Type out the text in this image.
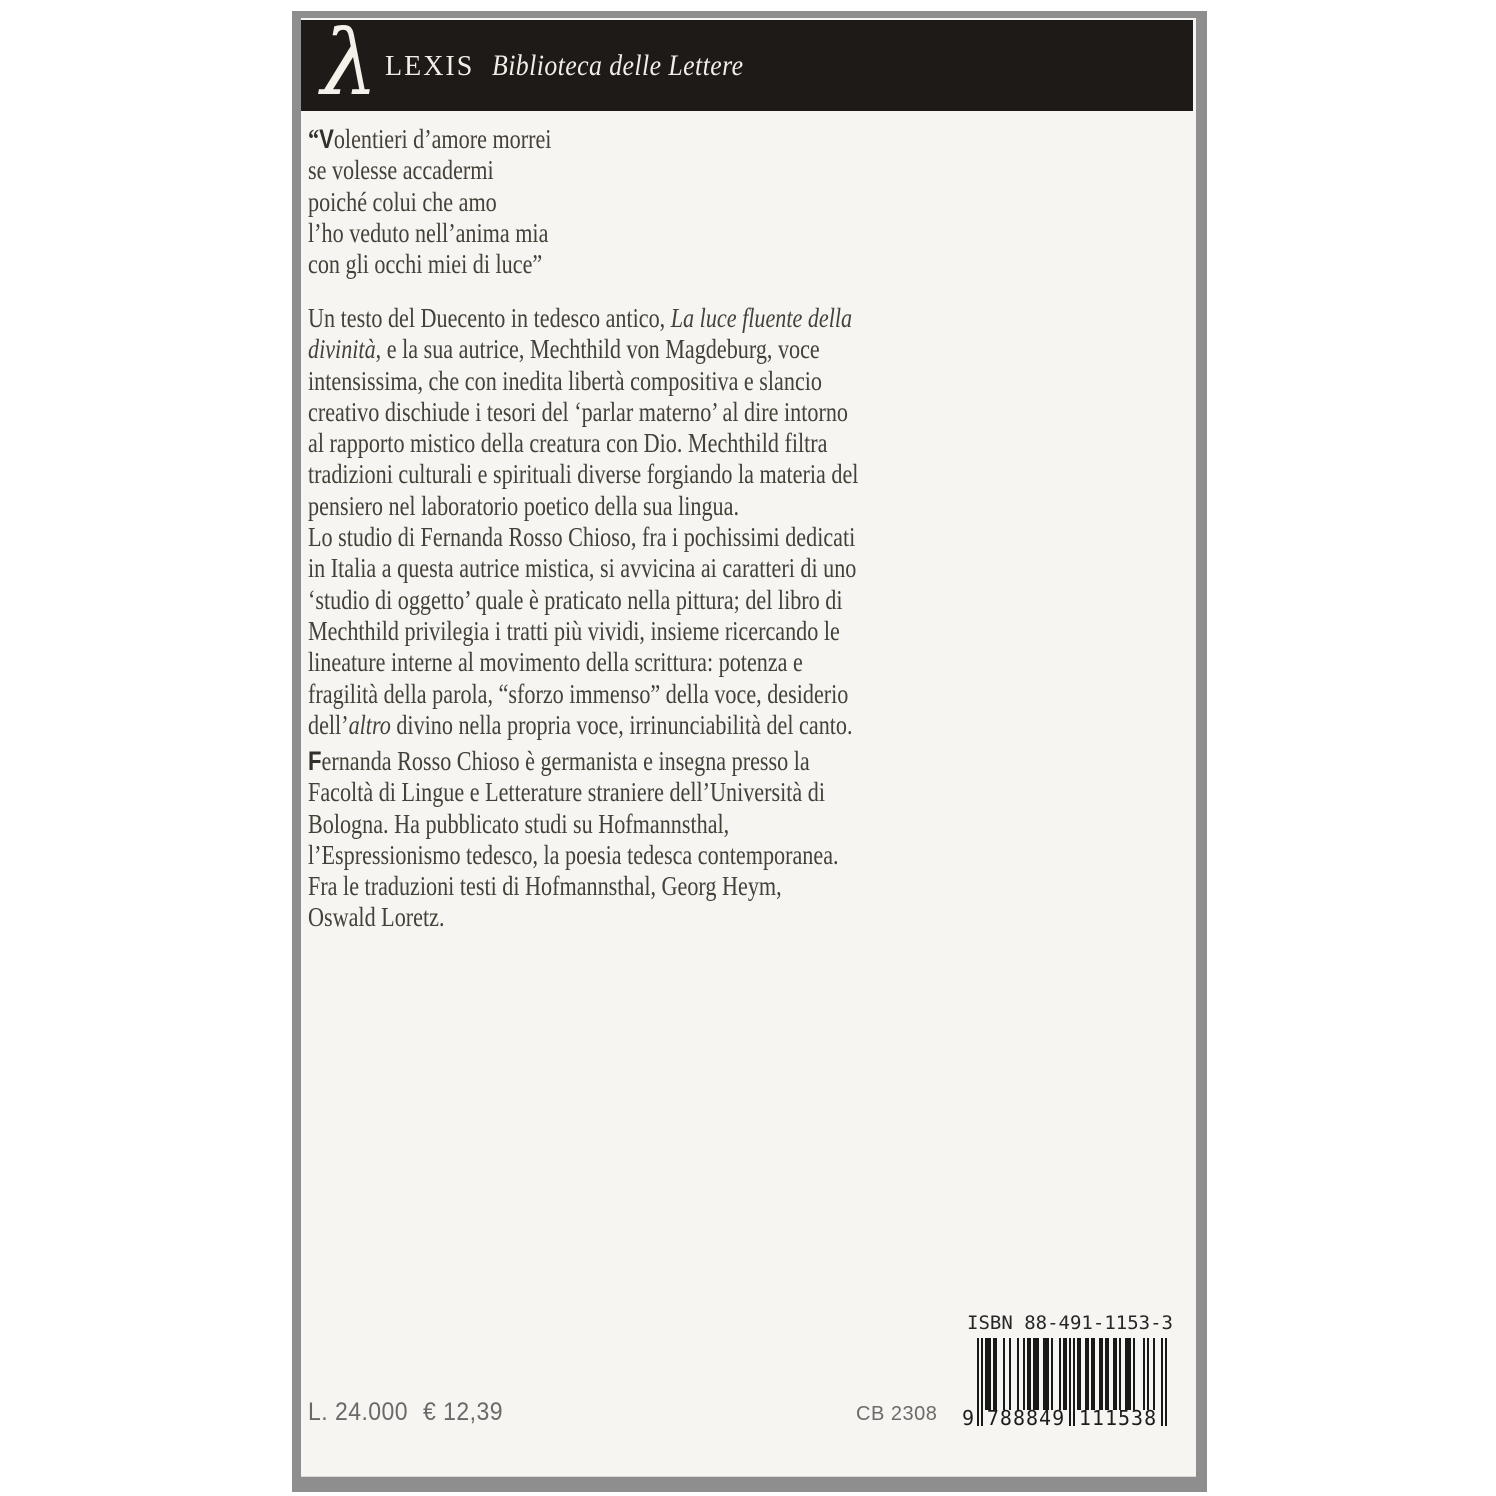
λ LEXIS Biblioteca delle Lettere
“Volentieri d’amore morrei
se volesse accadermi
poiché colui che amo
l’ho veduto nell’anima mia
con gli occhi miei di luce”
Un testo del Duecento in tedesco antico, La luce fluente della
divinità, e la sua autrice, Mechthild von Magdeburg, voce
intensissima, che con inedita libertà compositiva e slancio
creativo dischiude i tesori del ‘parlar materno’ al dire intorno
al rapporto mistico della creatura con Dio. Mechthild filtra
tradizioni culturali e spirituali diverse forgiando la materia del
pensiero nel laboratorio poetico della sua lingua.
Lo studio di Fernanda Rosso Chioso, fra i pochissimi dedicati
in Italia a questa autrice mistica, si avvicina ai caratteri di uno
‘studio di oggetto’ quale è praticato nella pittura; del libro di
Mechthild privilegia i tratti più vividi, insieme ricercando le
lineature interne al movimento della scrittura: potenza e
fragilità della parola, “sforzo immenso” della voce, desiderio
dell’altro divino nella propria voce, irrinunciabilità del canto.
Fernanda Rosso Chioso è germanista e insegna presso la
Facoltà di Lingue e Letterature straniere dell’Università di
Bologna. Ha pubblicato studi su Hofmannsthal,
l’Espressionismo tedesco, la poesia tedesca contemporanea.
Fra le traduzioni testi di Hofmannsthal, Georg Heym,
Oswald Loretz.
L. 24.000 € 12,39	CB 2308
ISBN 88-491-1153-3
9 788849 111538
